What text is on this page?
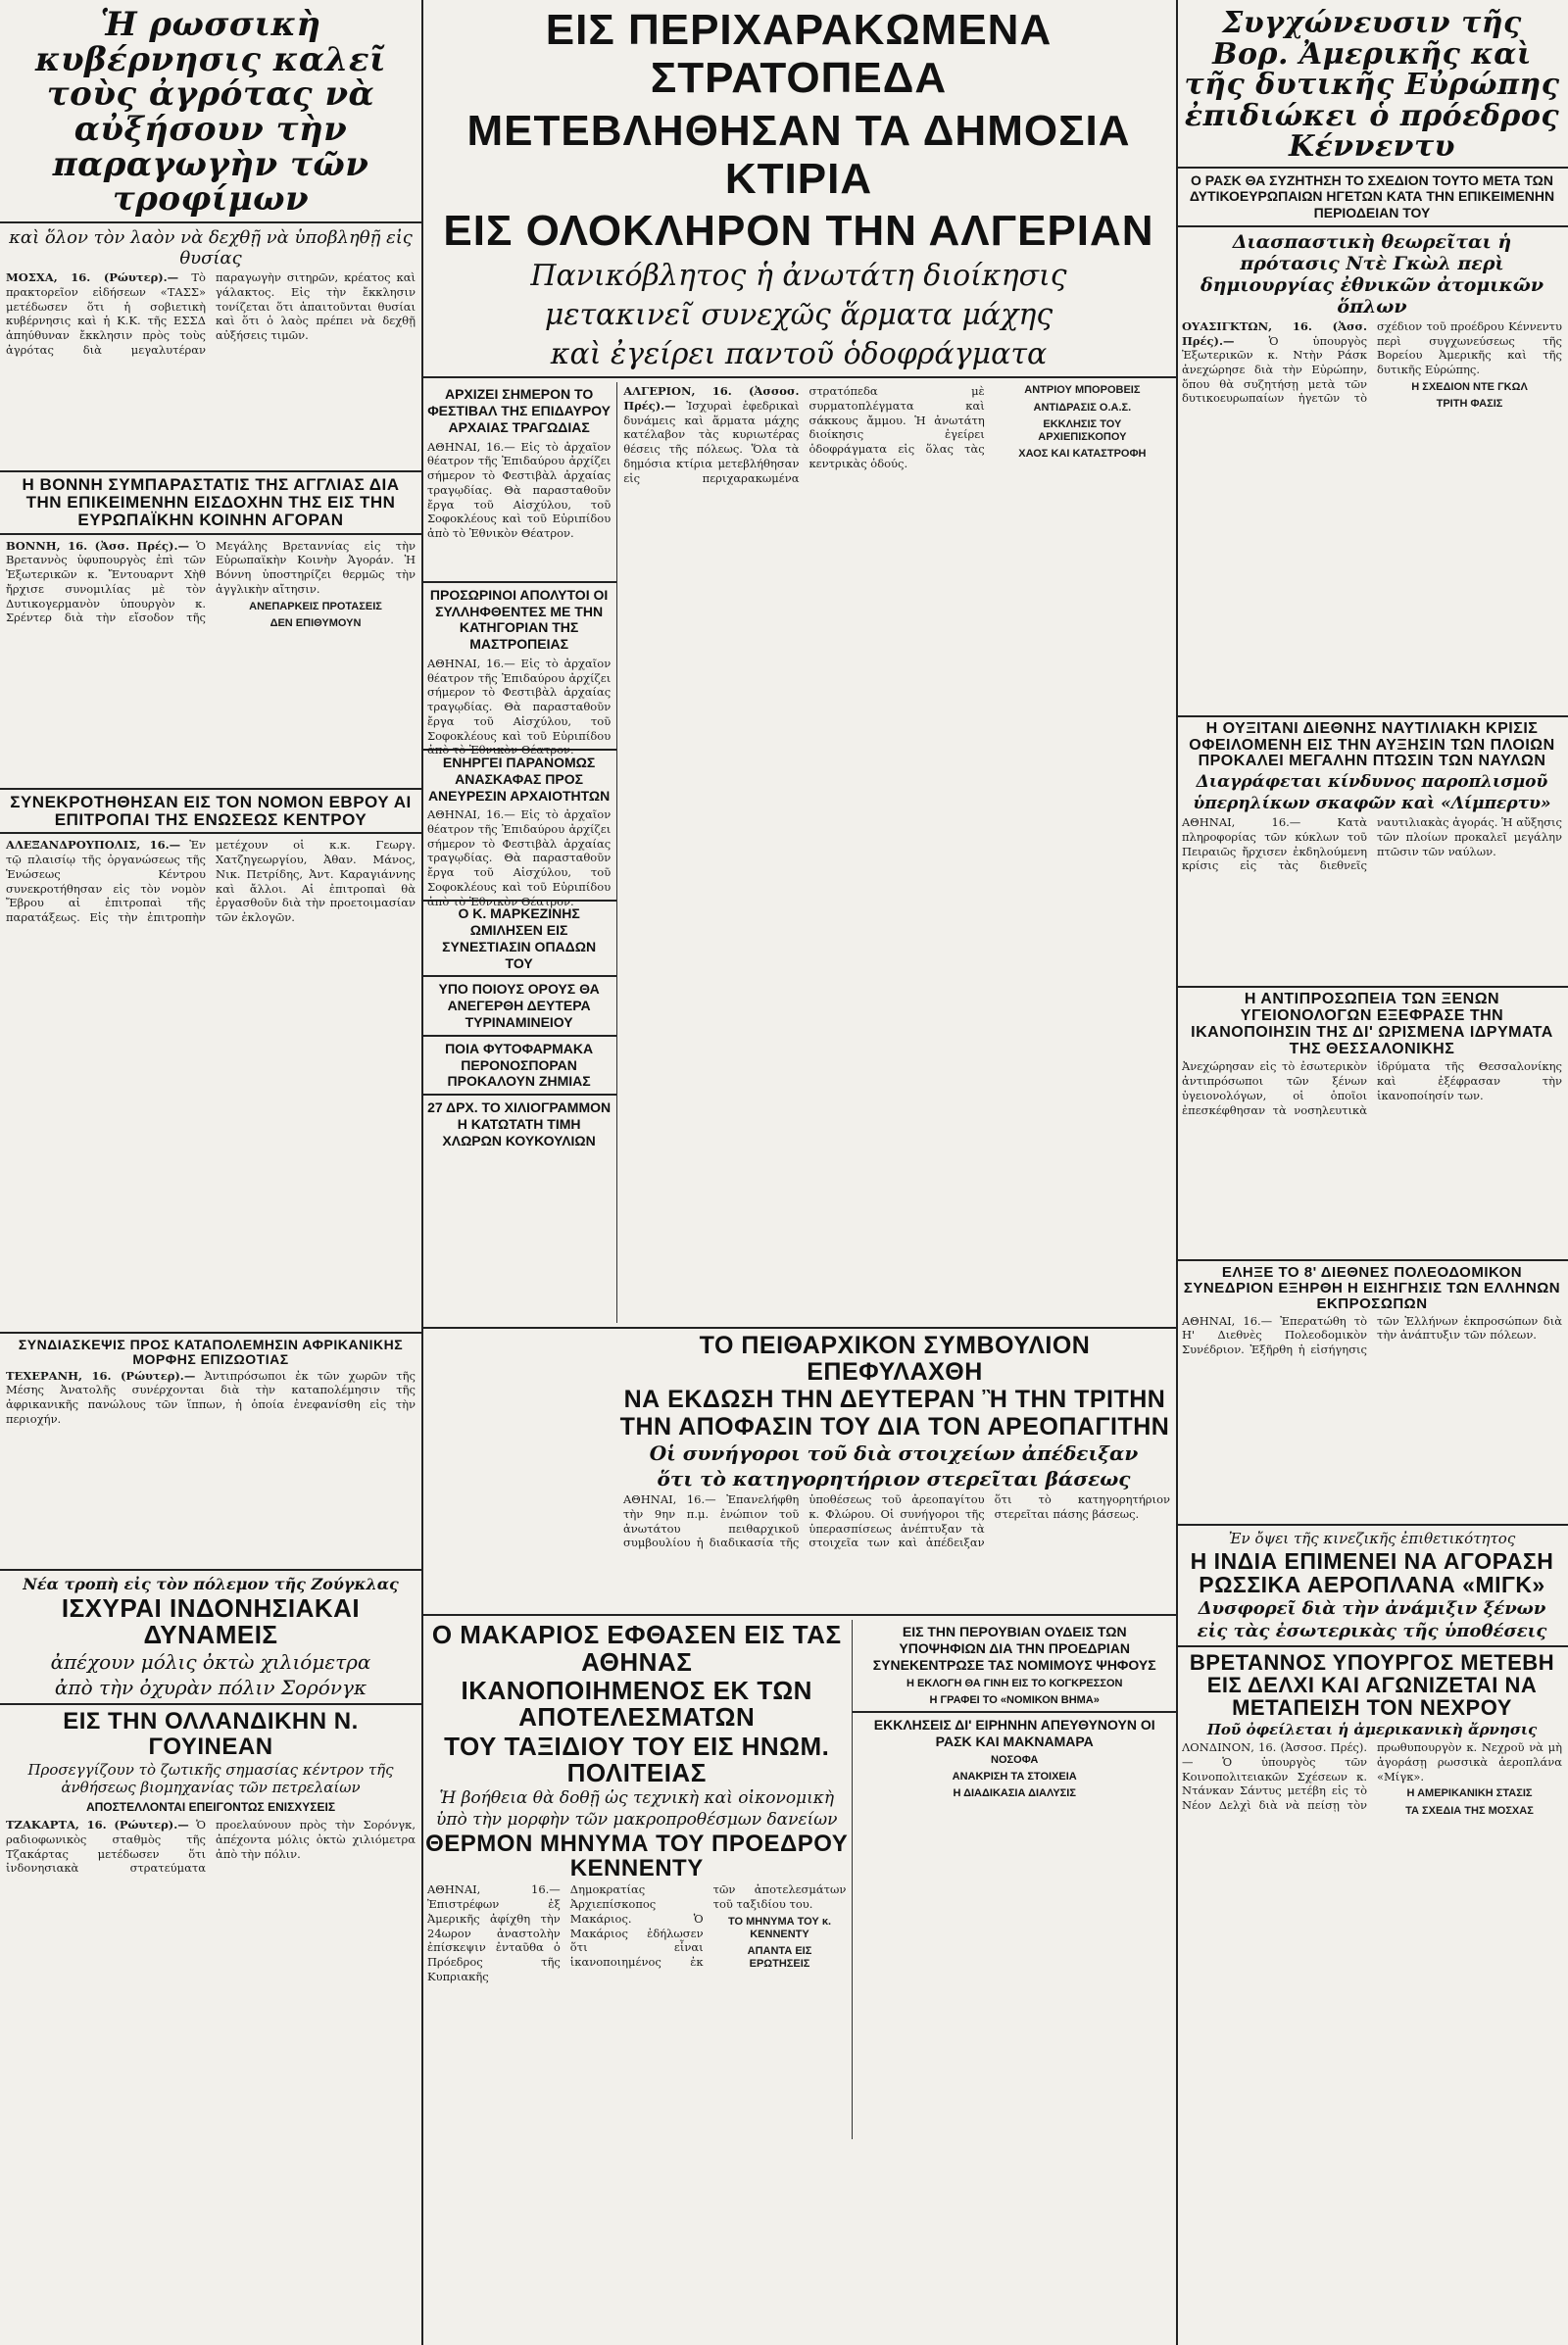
Ἡ ρωσσικὴ κυβέρνησις καλεῖ τοὺς ἀγρότας νὰ αὐξήσουν τὴν παραγωγὴν τῶν τροφίμων
καὶ ὅλον τὸν λαὸν νὰ δεχθῇ νὰ ὑποβληθῇ εἰς θυσίας
ΜΟΣΧΑ, 16. (Ρώυτερ).— Τὸ πρακτορεῖον εἰδήσεων «ΤΑΣΣ» μετέδωσεν ὅτι ἡ σοβιετικὴ κυβέρνησις καὶ ἡ Κ.Κ. τῆς ΕΣΣΔ ἀπηύθυναν ἔκκλησιν πρὸς τοὺς ἀγρότας διὰ μεγαλυτέραν παραγωγὴν σιτηρῶν, κρέατος καὶ γάλακτος. Εἰς τὴν ἔκκλησιν τονίζεται ὅτι ἀπαιτοῦνται θυσίαι καὶ ὅτι ὁ λαὸς πρέπει νὰ δεχθῇ αὐξήσεις τιμῶν.
Η ΒΟΝΝΗ ΣΥΜΠΑΡΑΣΤΑΤΙΣ ΤΗΣ ΑΓΓΛΙΑΣ ΔΙΑ ΤΗΝ ΕΠΙΚΕΙΜΕΝΗΝ ΕΙΣΔΟΧΗΝ ΤΗΣ ΕΙΣ ΤΗΝ ΕΥΡΩΠΑΪΚΗΝ ΚΟΙΝΗΝ ΑΓΟΡΑΝ
ΒΟΝΝΗ, 16. (Ἀσσ. Πρές).— Ὁ Βρεταννὸς ὑφυπουργὸς ἐπὶ τῶν Ἐξωτερικῶν κ. Ἔντουαρντ Χὴθ ἤρχισε συνομιλίας μὲ τὸν Δυτικογερμανὸν ὑπουργὸν κ. Σρέντερ διὰ τὴν εἴσοδον τῆς Μεγάλης Βρεταννίας εἰς τὴν Εὐρωπαϊκὴν Κοινὴν Ἀγοράν. Ἡ Βόννη ὑποστηρίζει θερμῶς τὴν ἀγγλικὴν αἴτησιν.
ΑΝΕΠΑΡΚΕΙΣ ΠΡΟΤΑΣΕΙΣ
ΔΕΝ ΕΠΙΘΥΜΟΥΝ
ΣΥΝΕΚΡΟΤΗΘΗΣΑΝ ΕΙΣ ΤΟΝ ΝΟΜΟΝ ΕΒΡΟΥ ΑΙ ΕΠΙΤΡΟΠΑΙ ΤΗΣ ΕΝΩΣΕΩΣ ΚΕΝΤΡΟΥ
ΑΛΕΞΑΝΔΡΟΥΠΟΛΙΣ, 16.— Ἐν τῷ πλαισίῳ τῆς ὀργανώσεως τῆς Ἑνώσεως Κέντρου συνεκροτήθησαν εἰς τὸν νομὸν Ἔβρου αἱ ἐπιτροπαὶ τῆς παρατάξεως. Εἰς τὴν ἐπιτροπὴν μετέχουν οἱ κ.κ. Γεωργ. Χατζηγεωργίου, Ἀθαν. Μάνος, Νικ. Πετρίδης, Ἀντ. Καραγιάννης καὶ ἄλλοι. Αἱ ἐπιτροπαὶ θὰ ἐργασθοῦν διὰ τὴν προετοιμασίαν τῶν ἐκλογῶν.
ΣΥΝΔΙΑΣΚΕΨΙΣ ΠΡΟΣ ΚΑΤΑΠΟΛΕΜΗΣΙΝ ΑΦΡΙΚΑΝΙΚΗΣ ΜΟΡΦΗΣ ΕΠΙΖΩΟΤΙΑΣ
ΤΕΧΕΡΑΝΗ, 16. (Ρώυτερ).— Ἀντιπρόσωποι ἐκ τῶν χωρῶν τῆς Μέσης Ἀνατολῆς συνέρχονται διὰ τὴν καταπολέμησιν τῆς ἀφρικανικῆς πανώλους τῶν ἵππων, ἡ ὁποία ἐνεφανίσθη εἰς τὴν περιοχήν.
Νέα τροπὴ εἰς τὸν πόλεμον τῆς Ζούγκλας
ΙΣΧΥΡΑΙ ΙΝΔΟΝΗΣΙΑΚΑΙ ΔΥΝΑΜΕΙΣ
ἀπέχουν μόλις ὀκτὼ χιλιόμετρα
ἀπὸ τὴν ὀχυρὰν πόλιν Σορόνγκ
ΕΙΣ ΤΗΝ ΟΛΛΑΝΔΙΚΗΝ Ν. ΓΟΥΙΝΕΑΝ
Προσεγγίζουν τὸ ζωτικῆς σημασίας κέντρον τῆς ἀνθήσεως βιομηχανίας τῶν πετρελαίων
ΑΠΟΣΤΕΛΛΟΝΤΑΙ ΕΠΕΙΓΟΝΤΩΣ ΕΝΙΣΧΥΣΕΙΣ
ΤΖΑΚΑΡΤΑ, 16. (Ρώυτερ).— Ὁ ραδιοφωνικὸς σταθμὸς τῆς Τζακάρτας μετέδωσεν ὅτι ἰνδονησιακὰ στρατεύματα προελαύνουν πρὸς τὴν Σορόνγκ, ἀπέχοντα μόλις ὀκτὼ χιλιόμετρα ἀπὸ τὴν πόλιν.
ΕΙΣ ΠΕΡΙΧΑΡΑΚΩΜΕΝΑ ΣΤΡΑΤΟΠΕΔΑ
ΜΕΤΕΒΛΗΘΗΣΑΝ ΤΑ ΔΗΜΟΣΙΑ ΚΤΙΡΙΑ
ΕΙΣ ΟΛΟΚΛΗΡΟΝ ΤΗΝ ΑΛΓΕΡΙΑΝ
Πανικόβλητος ἡ ἀνωτάτη διοίκησις
μετακινεῖ συνεχῶς ἅρματα μάχης
καὶ ἐγείρει παντοῦ ὁδοφράγματα
ΑΡΧΙΖΕΙ ΣΗΜΕΡΟΝ ΤΟ ΦΕΣΤΙΒΑΛ ΤΗΣ ΕΠΙΔΑΥΡΟΥ ΑΡΧΑΙΑΣ ΤΡΑΓΩΔΙΑΣ
ΑΘΗΝΑΙ, 16.— Εἰς τὸ ἀρχαῖον θέατρον τῆς Ἐπιδαύρου ἀρχίζει σήμερον τὸ Φεστιβὰλ ἀρχαίας τραγῳδίας. Θὰ παρασταθοῦν ἔργα τοῦ Αἰσχύλου, τοῦ Σοφοκλέους καὶ τοῦ Εὐριπίδου ἀπὸ τὸ Ἐθνικὸν Θέατρον.
ΠΡΟΣΩΡΙΝΟΙ ΑΠΟΛΥΤΟΙ ΟΙ ΣΥΛΛΗΦΘΕΝΤΕΣ ΜΕ ΤΗΝ ΚΑΤΗΓΟΡΙΑΝ ΤΗΣ ΜΑΣΤΡΟΠΕΙΑΣ
ΑΘΗΝΑΙ, 16.— Εἰς τὸ ἀρχαῖον θέατρον τῆς Ἐπιδαύρου ἀρχίζει σήμερον τὸ Φεστιβὰλ ἀρχαίας τραγῳδίας. Θὰ παρασταθοῦν ἔργα τοῦ Αἰσχύλου, τοῦ Σοφοκλέους καὶ τοῦ Εὐριπίδου ἀπὸ τὸ Ἐθνικὸν Θέατρον.
ΕΝΗΡΓΕΙ ΠΑΡΑΝΟΜΩΣ ΑΝΑΣΚΑΦΑΣ ΠΡΟΣ ΑΝΕΥΡΕΣΙΝ ΑΡΧΑΙΟΤΗΤΩΝ
ΑΘΗΝΑΙ, 16.— Εἰς τὸ ἀρχαῖον θέατρον τῆς Ἐπιδαύρου ἀρχίζει σήμερον τὸ Φεστιβὰλ ἀρχαίας τραγῳδίας. Θὰ παρασταθοῦν ἔργα τοῦ Αἰσχύλου, τοῦ Σοφοκλέους καὶ τοῦ Εὐριπίδου ἀπὸ τὸ Ἐθνικὸν Θέατρον.
Ο Κ. ΜΑΡΚΕΖΙΝΗΣ ΩΜΙΛΗΣΕΝ ΕΙΣ ΣΥΝΕΣΤΙΑΣΙΝ ΟΠΑΔΩΝ ΤΟΥ
ΥΠΟ ΠΟΙΟΥΣ ΟΡΟΥΣ ΘΑ ΑΝΕΓΕΡΘΗ ΔΕΥΤΕΡΑ ΤΥΡΙΝΑΜΙΝΕΙΟΥ
ΠΟΙΑ ΦΥΤΟΦΑΡΜΑΚΑ ΠΕΡΟΝΟΣΠΟΡΑΝ ΠΡΟΚΑΛΟΥΝ ΖΗΜΙΑΣ
27 ΔΡΧ. ΤΟ ΧΙΛΙΟΓΡΑΜΜΟΝ Η ΚΑΤΩΤΑΤΗ ΤΙΜΗ ΧΛΩΡΩΝ ΚΟΥΚΟΥΛΙΩΝ
ΑΛΓΕΡΙΟΝ, 16. (Ἀσσοσ. Πρές).— Ἰσχυραὶ ἐφεδρικαὶ δυνάμεις καὶ ἅρματα μάχης κατέλαβον τὰς κυριωτέρας θέσεις τῆς πόλεως. Ὅλα τὰ δημόσια κτίρια μετεβλήθησαν εἰς περιχαρακωμένα στρατόπεδα μὲ συρματοπλέγματα καὶ σάκκους ἄμμου. Ἡ ἀνωτάτη διοίκησις ἐγείρει ὁδοφράγματα εἰς ὅλας τὰς κεντρικὰς ὁδούς.
ΑΝΤΡΙΟΥ ΜΠΟΡΟΒΕΙΣ
ΑΝΤΙΔΡΑΣΙΣ Ο.Α.Σ.
ΕΚΚΛΗΣΙΣ ΤΟΥ ΑΡΧΙΕΠΙΣΚΟΠΟΥ
ΧΑΟΣ ΚΑΙ ΚΑΤΑΣΤΡΟΦΗ
ΤΟ ΠΕΙΘΑΡΧΙΚΟΝ ΣΥΜΒΟΥΛΙΟΝ ΕΠΕΦΥΛΑΧΘΗ
ΝΑ ΕΚΔΩΣΗ ΤΗΝ ΔΕΥΤΕΡΑΝ Ἢ ΤΗΝ ΤΡΙΤΗΝ
ΤΗΝ ΑΠΟΦΑΣΙΝ ΤΟΥ ΔΙΑ ΤΟΝ ΑΡΕΟΠΑΓΙΤΗΝ
Οἱ συνήγοροι τοῦ διὰ στοιχείων ἀπέδειξαν
ὅτι τὸ κατηγορητήριον στερεῖται βάσεως
ΑΘΗΝΑΙ, 16.— Ἐπανελήφθη τὴν 9ην π.μ. ἐνώπιον τοῦ ἀνωτάτου πειθαρχικοῦ συμβουλίου ἡ διαδικασία τῆς ὑποθέσεως τοῦ ἀρεοπαγίτου κ. Φλώρου. Οἱ συνήγοροι τῆς ὑπερασπίσεως ἀνέπτυξαν τὰ στοιχεῖα των καὶ ἀπέδειξαν ὅτι τὸ κατηγορητήριον στερεῖται πάσης βάσεως.
Ο ΜΑΚΑΡΙΟΣ ΕΦΘΑΣΕΝ ΕΙΣ ΤΑΣ ΑΘΗΝΑΣ
ΙΚΑΝΟΠΟΙΗΜΕΝΟΣ ΕΚ ΤΩΝ ΑΠΟΤΕΛΕΣΜΑΤΩΝ
ΤΟΥ ΤΑΞΙΔΙΟΥ ΤΟΥ ΕΙΣ ΗΝΩΜ. ΠΟΛΙΤΕΙΑΣ
Ἡ βοήθεια θὰ δοθῇ ὡς τεχνικὴ καὶ οἰκονομικὴ
ὑπὸ τὴν μορφὴν τῶν μακροπροθέσμων δανείων
ΘΕΡΜΟΝ ΜΗΝΥΜΑ ΤΟΥ ΠΡΟΕΔΡΟΥ ΚΕΝΝΕΝΤΥ
ΑΘΗΝΑΙ, 16.— Ἐπιστρέφων ἐξ Ἀμερικῆς ἀφίχθη τὴν 24ωρον ἀναστολὴν ἐπίσκεψιν ἐνταῦθα ὁ Πρόεδρος τῆς Κυπριακῆς Δημοκρατίας Ἀρχιεπίσκοπος Μακάριος. Ὁ Μακάριος ἐδήλωσεν ὅτι εἶναι ἱκανοποιημένος ἐκ τῶν ἀποτελεσμάτων τοῦ ταξιδίου του.
ΤΟ ΜΗΝΥΜΑ ΤΟΥ κ. ΚΕΝΝΕΝΤΥ
ΑΠΑΝΤΑ ΕΙΣ ΕΡΩΤΗΣΕΙΣ
ΕΙΣ ΤΗΝ ΠΕΡΟΥΒΙΑΝ ΟΥΔΕΙΣ ΤΩΝ ΥΠΟΨΗΦΙΩΝ ΔΙΑ ΤΗΝ ΠΡΟΕΔΡΙΑΝ ΣΥΝΕΚΕΝΤΡΩΣΕ ΤΑΣ ΝΟΜΙΜΟΥΣ ΨΗΦΟΥΣ
Η ΕΚΛΟΓΗ ΘΑ ΓΙΝΗ ΕΙΣ ΤΟ ΚΟΓΚΡΕΣΣΟΝ
Η ΓΡΑΦΕΙ ΤΟ «ΝΟΜΙΚΟΝ ΒΗΜΑ»
ΕΚΚΛΗΣΕΙΣ ΔΙ' ΕΙΡΗΝΗΝ ΑΠΕΥΘΥΝΟΥΝ ΟΙ ΡΑΣΚ ΚΑΙ ΜΑΚΝΑΜΑΡΑ
ΝΟΣΟΦΑ
ΑΝΑΚΡΙΣΗ ΤΑ ΣΤΟΙΧΕΙΑ
Η ΔΙΑΔΙΚΑΣΙΑ ΔΙΑΛΥΣΙΣ
Συγχώνευσιν τῆς Βορ. Ἀμερικῆς καὶ τῆς δυτικῆς Εὐρώπης ἐπιδιώκει ὁ πρόεδρος Κέννεντυ
Ο ΡΑΣΚ ΘΑ ΣΥΖΗΤΗΣΗ ΤΟ ΣΧΕΔΙΟΝ ΤΟΥΤΟ ΜΕΤΑ ΤΩΝ ΔΥΤΙΚΟΕΥΡΩΠΑΙΩΝ ΗΓΕΤΩΝ ΚΑΤΑ ΤΗΝ ΕΠΙΚΕΙΜΕΝΗΝ ΠΕΡΙΟΔΕΙΑΝ ΤΟΥ
Διασπαστικὴ θεωρεῖται ἡ πρότασις Ντὲ Γκὼλ περὶ δημιουργίας ἐθνικῶν ἀτομικῶν ὅπλων
ΟΥΑΣΙΓΚΤΩΝ, 16. (Ἀσσ. Πρές).—	Ὁ ὑπουργὸς Ἐξωτερικῶν κ. Ντὴν Ράσκ ἀνεχώρησε διὰ τὴν Εὐρώπην, ὅπου θὰ συζητήσῃ μετὰ τῶν δυτικοευρωπαίων ἡγετῶν τὸ σχέδιον τοῦ προέδρου Κέννεντυ περὶ συγχωνεύσεως τῆς Βορείου Ἀμερικῆς καὶ τῆς δυτικῆς Εὐρώπης.
Η ΣΧΕΔΙΟΝ ΝΤΕ ΓΚΩΛ
ΤΡΙΤΗ ΦΑΣΙΣ
Η ΟΥΞΙΤΑΝΙ ΔΙΕΘΝΗΣ ΝΑΥΤΙΛΙΑΚΗ ΚΡΙΣΙΣ ΟΦΕΙΛΟΜΕΝΗ ΕΙΣ ΤΗΝ ΑΥΞΗΣΙΝ ΤΩΝ ΠΛΟΙΩΝ ΠΡΟΚΑΛΕΙ ΜΕΓΑΛΗΝ ΠΤΩΣΙΝ ΤΩΝ ΝΑΥΛΩΝ
Διαγράφεται κίνδυνος παροπλισμοῦ
ὑπερηλίκων σκαφῶν καὶ «Λίμπερτυ»
ΑΘΗΝΑΙ, 16.— Κατὰ πληροφορίας τῶν κύκλων τοῦ Πειραιῶς ἤρχισεν ἐκδηλούμενη κρίσις εἰς τὰς διεθνεῖς ναυτιλιακὰς ἀγοράς. Ἡ αὔξησις τῶν πλοίων προκαλεῖ μεγάλην πτῶσιν τῶν ναύλων.
Η ΑΝΤΙΠΡΟΣΩΠΕΙΑ ΤΩΝ ΞΕΝΩΝ ΥΓΕΙΟΝΟΛΟΓΩΝ ΕΞΕΦΡΑΣΕ ΤΗΝ ΙΚΑΝΟΠΟΙΗΣΙΝ ΤΗΣ ΔΙ' ΩΡΙΣΜΕΝΑ ΙΔΡΥΜΑΤΑ ΤΗΣ ΘΕΣΣΑΛΟΝΙΚΗΣ
Ἀνεχώρησαν εἰς τὸ ἐσωτερικὸν ἀντιπρόσωποι τῶν ξένων ὑγειονολόγων, οἱ ὁποῖοι ἐπεσκέφθησαν τὰ νοσηλευτικὰ ἱδρύματα τῆς Θεσσαλονίκης καὶ ἐξέφρασαν τὴν ἱκανοποίησίν των.
ΕΛΗΞΕ ΤΟ 8' ΔΙΕΘΝΕΣ ΠΟΛΕΟΔΟΜΙΚΟΝ ΣΥΝΕΔΡΙΟΝ ΕΞΗΡΘΗ Η ΕΙΣΗΓΗΣΙΣ ΤΩΝ ΕΛΛΗΝΩΝ ΕΚΠΡΟΣΩΠΩΝ
ΑΘΗΝΑΙ, 16.— Ἐπερατώθη τὸ Η' Διεθνὲς Πολεοδομικὸν Συνέδριον. Ἐξῆρθη ἡ εἰσήγησις τῶν Ἑλλήνων ἐκπροσώπων διὰ τὴν ἀνάπτυξιν τῶν πόλεων.
Ἐν ὄψει τῆς κινεζικῆς ἐπιθετικότητος
Η ΙΝΔΙΑ ΕΠΙΜΕΝΕΙ ΝΑ ΑΓΟΡΑΣΗ ΡΩΣΣΙΚΑ ΑΕΡΟΠΛΑΝΑ «ΜΙΓΚ»
Δυσφορεῖ διὰ τὴν ἀνάμιξιν ξένων
εἰς τὰς ἐσωτερικὰς τῆς ὑποθέσεις
ΒΡΕΤΑΝΝΟΣ ΥΠΟΥΡΓΟΣ ΜΕΤΕΒΗ ΕΙΣ ΔΕΛΧΙ ΚΑΙ ΑΓΩΝΙΖΕΤΑΙ ΝΑ ΜΕΤΑΠΕΙΣΗ ΤΟΝ ΝΕΧΡΟΥ
Ποῦ ὀφείλεται ἡ ἀμερικανικὴ ἄρνησις
ΛΟΝΔΙΝΟΝ, 16. (Ἀσσοσ. Πρές).— Ὁ ὑπουργὸς τῶν Κοινοπολιτειακῶν Σχέσεων κ. Ντάνκαν Σάντυς μετέβη εἰς τὸ Νέον Δελχὶ διὰ νὰ πείσῃ τὸν πρωθυπουργὸν κ. Νεχροῦ νὰ μὴ ἀγοράσῃ ρωσσικὰ ἀεροπλάνα «Μίγκ».
Η ΑΜΕΡΙΚΑΝΙΚΗ ΣΤΑΣΙΣ
ΤΑ ΣΧΕΔΙΑ ΤΗΣ ΜΟΣΧΑΣ
